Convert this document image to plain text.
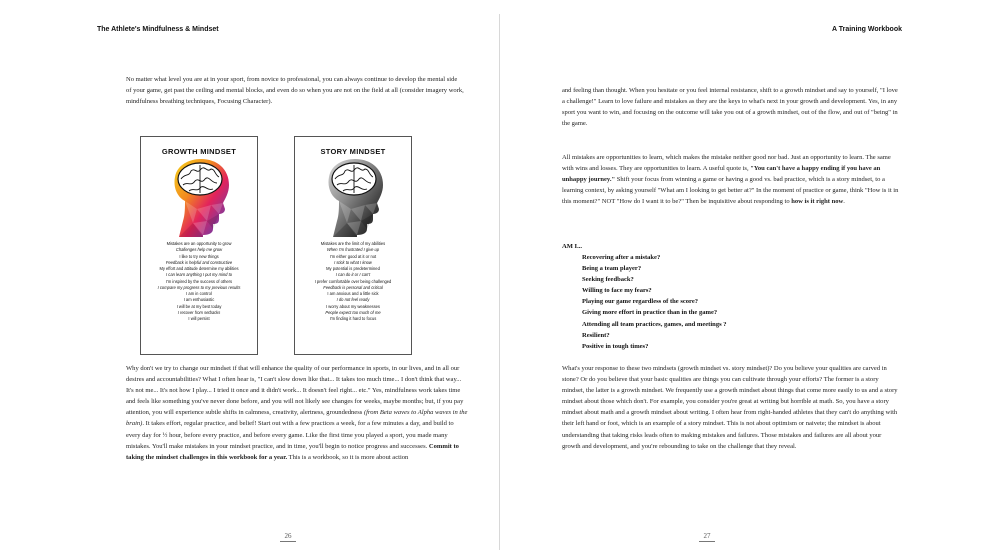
The Athlete's Mindfulness & Mindset

No matter what level you are at in your sport, from novice to professional, you can always continue to develop the mental side of your game, get past the ceiling and mental blocks, and even do so when you are not on the field at all (consider imagery work, mindfulness breathing techniques, Focusing Character).

GROWTH MINDSET
Mistakes are an opportunity to grow
Challenges help me grow
I like to try new things
Feedback is helpful and constructive
My effort and attitude determine my abilities
I can learn anything I put my mind to
I'm inspired by the success of others
I compare my progress to my previous results
I am in control
I am enthusiastic
I will be at my best today
I recover from setbacks
I will persist
STORY MINDSET
Mistakes are the limit of my abilities
When I'm frustrated I give up
I'm either good at it or not
I stick to what I know
My potential is predetermined
I can do it or I can't
I prefer comfortable over being challenged
Feedback is personal and critical
I am anxious and a little sick
I do not feel ready
I worry about my weaknesses
People expect too much of me
I'm finding it hard to focus

Why don't we try to change our mindset if that will enhance the quality of our performance in sports, in our lives, and in all our desires and accountabilities? What I often hear is, "I can't slow down like that... It takes too much time... I don't think that way... It's not me... It's not how I play... I tried it once and it didn't work... It doesn't feel right... etc." Yes, mindfulness work takes time and feels like something you've never done before, and you will not likely see changes for weeks, maybe months; but, if you pay attention, you will experience subtle shifts in calmness, creativity, alertness, groundedness (from Beta waves to Alpha waves in the brain). It takes effort, regular practice, and belief! Start out with a few practices a week, for a few minutes a day, and build to every day for ½ hour, before every practice, and before every game. Like the first time you played a sport, you made many mistakes. You'll make mistakes in your mindset practice, and in time, you'll begin to notice progress and successes. Commit to taking the mindset challenges in this workbook for a year. This is a workbook, so it is more about action

26
A Training Workbook

and feeling than thought. When you hesitate or you feel internal resistance, shift to a growth mindset and say to yourself, "I love a challenge!" Learn to love failure and mistakes as they are the keys to what's next in your growth and development. Yes, in any sport you want to win, and focusing on the outcome will take you out of a growth mindset, out of the flow, and out of "being" in the game.

All mistakes are opportunities to learn, which makes the mistake neither good nor bad. Just an opportunity to learn. The same with wins and losses. They are opportunities to learn. A useful quote is, "You can't have a happy ending if you have an unhappy journey." Shift your focus from winning a game or having a good vs. bad practice, which is a story mindset, to a learning context, by asking yourself "What am I looking to get better at?" In the moment of practice or game, think "How is it in this moment?" NOT "How do I want it to be?" Then be inquisitive about responding to how is it right now.

AM I...
Recovering after a mistake?
Being a team player?
Seeking feedback?
Willing to face my fears?
Playing our game regardless of the score?
Giving more effort in practice than in the game?
Attending all team practices, games, and meetings ?
Resilient?
Positive in tough times?

What's your response to these two mindsets (growth mindset vs. story mindset)? Do you believe your qualities are carved in stone? Or do you believe that your basic qualities are things you can cultivate through your efforts? The former is a story mindset, the latter is a growth mindset. We frequently use a growth mindset about things that come more easily to us and a story mindset about those which don't. For example, you consider you're great at writing but horrible at math. So, you have a story mindset about math and a growth mindset about writing. I often hear from right-handed athletes that they can't do anything with their left hand or foot, which is an example of a story mindset. This is not about optimism or naivete; the mindset is about understanding that taking risks leads often to making mistakes and failures. Those mistakes and failures are all about your growth and development, and you're rebounding to take on the challenge that they reveal.

27
